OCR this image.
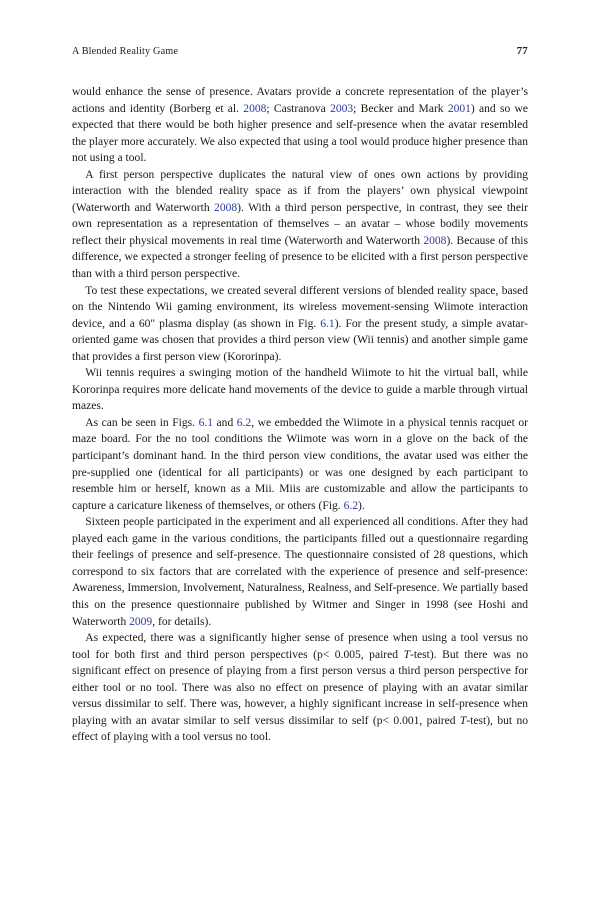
A Blended Reality Game	77

would enhance the sense of presence. Avatars provide a concrete representation of the player’s actions and identity (Borberg et al. 2008; Castranova 2003; Becker and Mark 2001) and so we expected that there would be both higher presence and self-presence when the avatar resembled the player more accurately. We also expected that using a tool would produce higher presence than not using a tool.

A first person perspective duplicates the natural view of ones own actions by providing interaction with the blended reality space as if from the players’ own physical viewpoint (Waterworth and Waterworth 2008). With a third person perspective, in contrast, they see their own representation as a representation of themselves – an avatar – whose bodily movements reflect their physical movements in real time (Waterworth and Waterworth 2008). Because of this difference, we expected a stronger feeling of presence to be elicited with a first person perspective than with a third person perspective.

To test these expectations, we created several different versions of blended reality space, based on the Nintendo Wii gaming environment, its wireless movement-sensing Wiimote interaction device, and a 60" plasma display (as shown in Fig. 6.1). For the present study, a simple avatar-oriented game was chosen that provides a third person view (Wii tennis) and another simple game that provides a first person view (Kororinpa).

Wii tennis requires a swinging motion of the handheld Wiimote to hit the virtual ball, while Kororinpa requires more delicate hand movements of the device to guide a marble through virtual mazes.

As can be seen in Figs. 6.1 and 6.2, we embedded the Wiimote in a physical tennis racquet or maze board. For the no tool conditions the Wiimote was worn in a glove on the back of the participant’s dominant hand. In the third person view conditions, the avatar used was either the pre-supplied one (identical for all participants) or was one designed by each participant to resemble him or herself, known as a Mii. Miis are customizable and allow the participants to capture a caricature likeness of themselves, or others (Fig. 6.2).

Sixteen people participated in the experiment and all experienced all conditions. After they had played each game in the various conditions, the participants filled out a questionnaire regarding their feelings of presence and self-presence. The questionnaire consisted of 28 questions, which correspond to six factors that are correlated with the experience of presence and self-presence: Awareness, Immersion, Involvement, Naturalness, Realness, and Self-presence. We partially based this on the presence questionnaire published by Witmer and Singer in 1998 (see Hoshi and Waterworth 2009, for details).

As expected, there was a significantly higher sense of presence when using a tool versus no tool for both first and third person perspectives (p< 0.005, paired T-test). But there was no significant effect on presence of playing from a first person versus a third person perspective for either tool or no tool. There was also no effect on presence of playing with an avatar similar versus dissimilar to self. There was, however, a highly significant increase in self-presence when playing with an avatar similar to self versus dissimilar to self (p< 0.001, paired T-test), but no effect of playing with a tool versus no tool.
